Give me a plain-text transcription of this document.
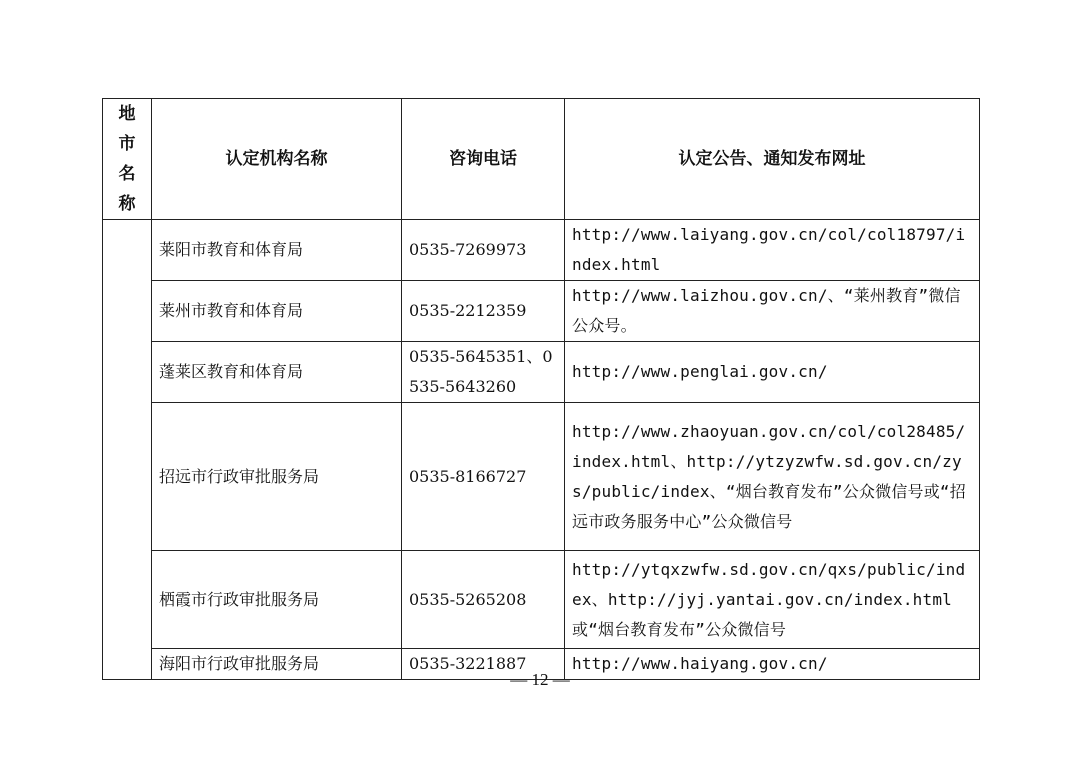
地市名称	认定机构名称	咨询电话	认定公告、通知发布网址
	莱阳市教育和体育局	0535-7269973	http://www.laiyang.gov.cn/col/col18797/index.html
	莱州市教育和体育局	0535-2212359	http://www.laizhou.gov.cn/、“莱州教育”微信公众号。
	蓬莱区教育和体育局	0535-5645351、0535-5643260	http://www.penglai.gov.cn/
	招远市行政审批服务局	0535-8166727	http://www.zhaoyuan.gov.cn/col/col28485/index.html、http://ytzyzwfw.sd.gov.cn/zys/public/index、“烟台教育发布”公众微信号或“招远市政务服务中心”公众微信号
	栖霞市行政审批服务局	0535-5265208	http://ytqxzwfw.sd.gov.cn/qxs/public/index、http://jyj.yantai.gov.cn/index.html或“烟台教育发布”公众微信号
	海阳市行政审批服务局	0535-3221887	http://www.haiyang.gov.cn/
— 12 —
